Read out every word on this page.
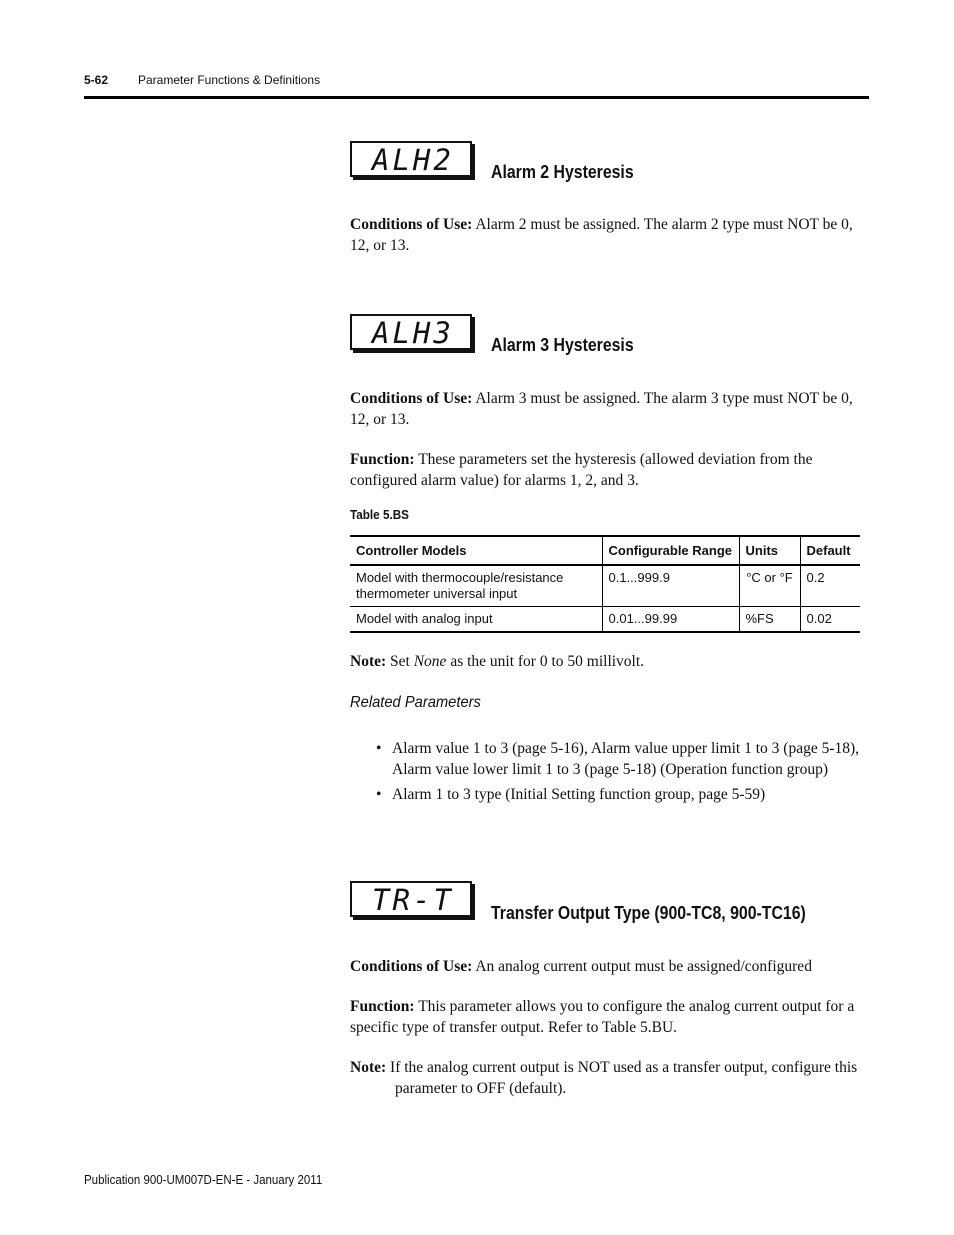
5-62 Parameter Functions & Definitions
ALH2 Alarm 2 Hysteresis
Conditions of Use: Alarm 2 must be assigned. The alarm 2 type must NOT be 0, 12, or 13.
ALH3 Alarm 3 Hysteresis
Conditions of Use: Alarm 3 must be assigned. The alarm 3 type must NOT be 0, 12, or 13.
Function: These parameters set the hysteresis (allowed deviation from the configured alarm value) for alarms 1, 2, and 3.
Table 5.BS
Controller Models	Configurable Range	Units	Default
Model with thermocouple/resistance thermometer universal input	0.1...999.9	°C or °F	0.2
Model with analog input	0.01...99.99	%FS	0.02
Note: Set None as the unit for 0 to 50 millivolt.
Related Parameters
• Alarm value 1 to 3 (page 5-16), Alarm value upper limit 1 to 3 (page 5-18), Alarm value lower limit 1 to 3 (page 5-18) (Operation function group)
• Alarm 1 to 3 type (Initial Setting function group, page 5-59)
TR-T Transfer Output Type (900-TC8, 900-TC16)
Conditions of Use: An analog current output must be assigned/configured
Function: This parameter allows you to configure the analog current output for a specific type of transfer output. Refer to Table 5.BU.
Note: If the analog current output is NOT used as a transfer output, configure this parameter to OFF (default).
Publication 900-UM007D-EN-E - January 2011
